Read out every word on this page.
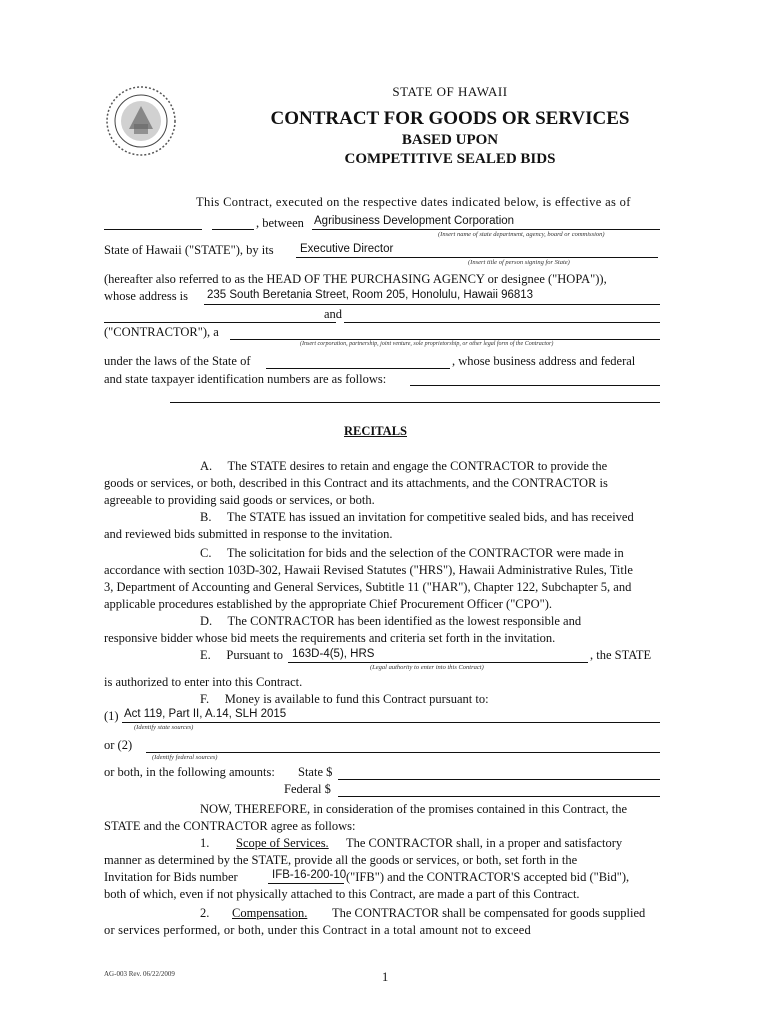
STATE OF HAWAII
CONTRACT FOR GOODS OR SERVICES
BASED UPON
COMPETITIVE SEALED BIDS
This Contract, executed on the respective dates indicated below, is effective as of
, between Agribusiness Development Corporation
(Insert name of state department, agency, board or commission)
State of Hawaii ("STATE"), by its Executive Director
(Insert title of person signing for State)
(hereafter also referred to as the HEAD OF THE PURCHASING AGENCY or designee ("HOPA")),
whose address is 235 South Beretania Street, Room 205, Honolulu, Hawaii 96813
and
("CONTRACTOR"), a
(Insert corporation, partnership, joint venture, sole proprietorship, or other legal form of the Contractor)
under the laws of the State of	, whose business address and federal
and state taxpayer identification numbers are as follows:
RECITALS
A.     The STATE desires to retain and engage the CONTRACTOR to provide the
goods or services, or both, described in this Contract and its attachments, and the CONTRACTOR is
agreeable to providing said goods or services, or both.
B.     The STATE has issued an invitation for competitive sealed bids, and has received
and reviewed bids submitted in response to the invitation.
C.     The solicitation for bids and the selection of the CONTRACTOR were made in
accordance with section 103D-302, Hawaii Revised Statutes ("HRS"), Hawaii Administrative Rules, Title
3, Department of Accounting and General Services, Subtitle 11 ("HAR"), Chapter 122, Subchapter 5, and
applicable procedures established by the appropriate Chief Procurement Officer ("CPO").
D.     The CONTRACTOR has been identified as the lowest responsible and
responsive bidder whose bid meets the requirements and criteria set forth in the invitation.
E.     Pursuant to 163D-4(5), HRS	, the STATE
(Legal authority to enter into this Contract)
is authorized to enter into this Contract.
F.     Money is available to fund this Contract pursuant to:
(1) Act 119, Part II, A.14, SLH 2015
(Identify state sources)
or (2)
(Identify federal sources)
or both, in the following amounts: State $
Federal $
NOW, THEREFORE, in consideration of the promises contained in this Contract, the
STATE and the CONTRACTOR agree as follows:
1. Scope of Services. The CONTRACTOR shall, in a proper and satisfactory
manner as determined by the STATE, provide all the goods or services, or both, set forth in the
Invitation for Bids number	IFB-16-200-10 ("IFB") and the CONTRACTOR'S accepted bid ("Bid"),
both of which, even if not physically attached to this Contract, are made a part of this Contract.
2. Compensation. The CONTRACTOR shall be compensated for goods supplied
or services performed, or both, under this Contract in a total amount not to exceed
AG-003 Rev. 06/22/2009	1
